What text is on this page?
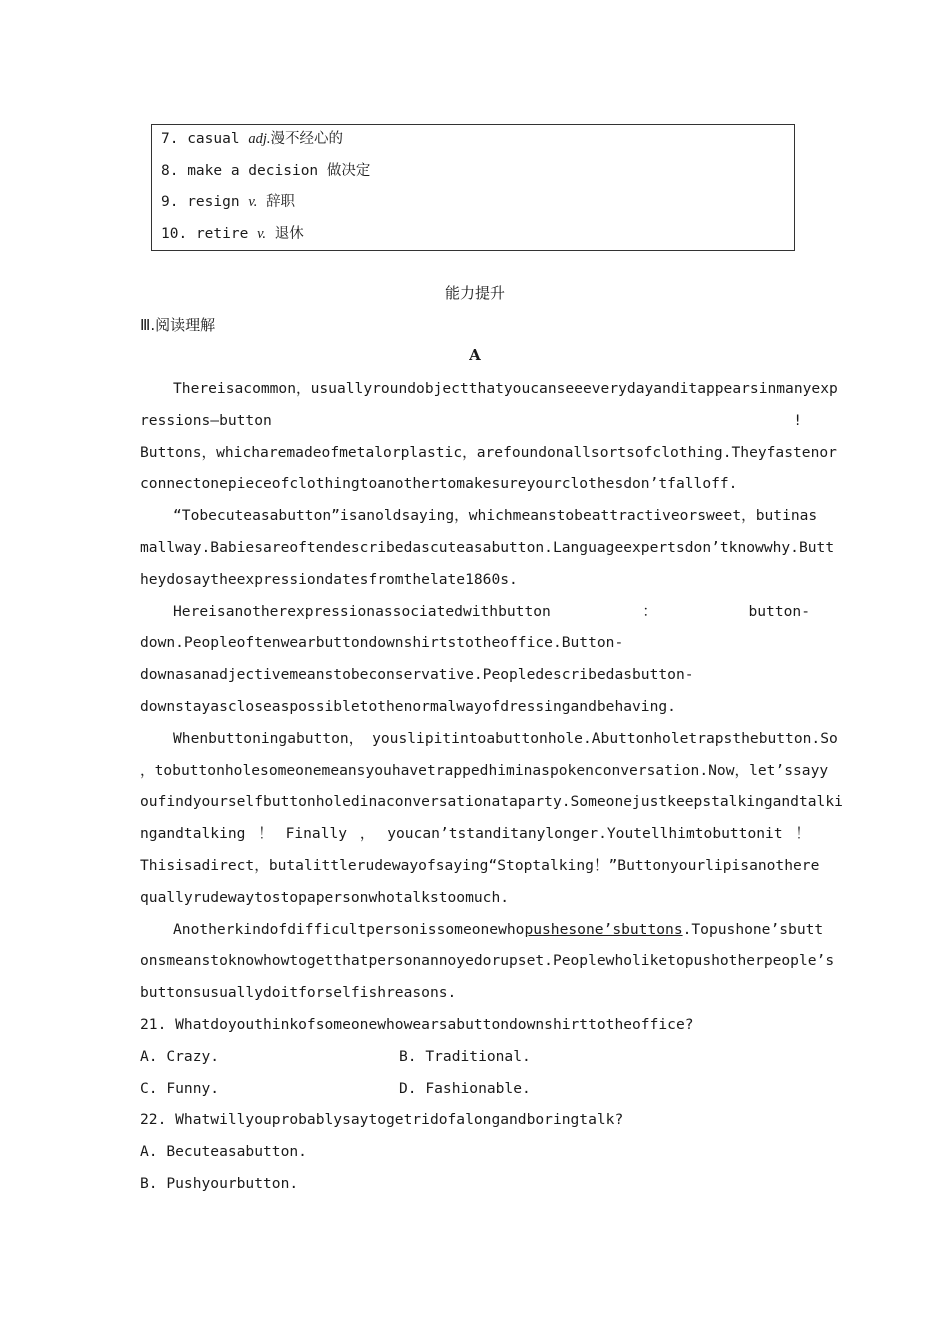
7. casual adj.漫不经心的
8. make a decision 做决定
9. resign v. 辞职
10. retire v. 退休
能力提升
Ⅲ.阅读理解
A
Thereisacommon，usuallyroundobjectthatyoucanseeeverydayanditappearsinmanyexp
ressions—button	!
Buttons，whicharemadeofmetalorplastic，arefoundonallsortsofclothing.Theyfastenor
connectonepieceofclothingtoanothertomakesureyourclothesdon’tfalloff.
“Tobecuteasabutton”isanoldsaying，whichmeanstobeattractiveorsweet，butinas
mallway.Babiesareoftendescribedascuteasabutton.Languageexpertsdon’tknowwhy.Butt
heydosaytheexpressiondatesfromthelate1860s.
Hereisanotherexpressionassociatedwithbutton	：	button-
down.Peopleoftenwearbuttondownshirtstotheoffice.Button-
downasanadjectivemeanstobeconservative.Peopledescribedasbutton-
downstayascloseaspossibletothenormalwayofdressingandbehaving.
Whenbuttoningabutton， youslipitintoabuttonhole.Abuttonholetrapsthebutton.So
，tobuttonholesomeonemeansyouhavetrappedhiminaspokenconversation.Now，let’ssayy
oufindyourselfbuttonholedinaconversationataparty.Someonejustkeepstalkingandtalki
ngandtalking ！ Finally ， youcan’tstanditanylonger.Youtellhimtobuttonit ！
Thisisadirect，butalittlerudewayofsaying“Stoptalking！”Buttonyourlipisanothere
quallyrudewaytostopapersonwhotalkstoomuch.
Anotherkindofdifficultpersonissomeonewhopushesone’sbuttons.Topushone’sbutt
onsmeanstoknowhowtogetthatpersonannoyedorupset.Peoplewholiketopushotherpeople’s
buttonsusuallydoitforselfishreasons.
21. Whatdoyouthinkofsomeonewhowearsabuttondownshirttotheoffice?
A. Crazy.	B. Traditional.
C. Funny.	D. Fashionable.
22. Whatwillyouprobablysaytogetridofalongandboringtalk?
A. Becuteasabutton.
B. Pushyourbutton.
